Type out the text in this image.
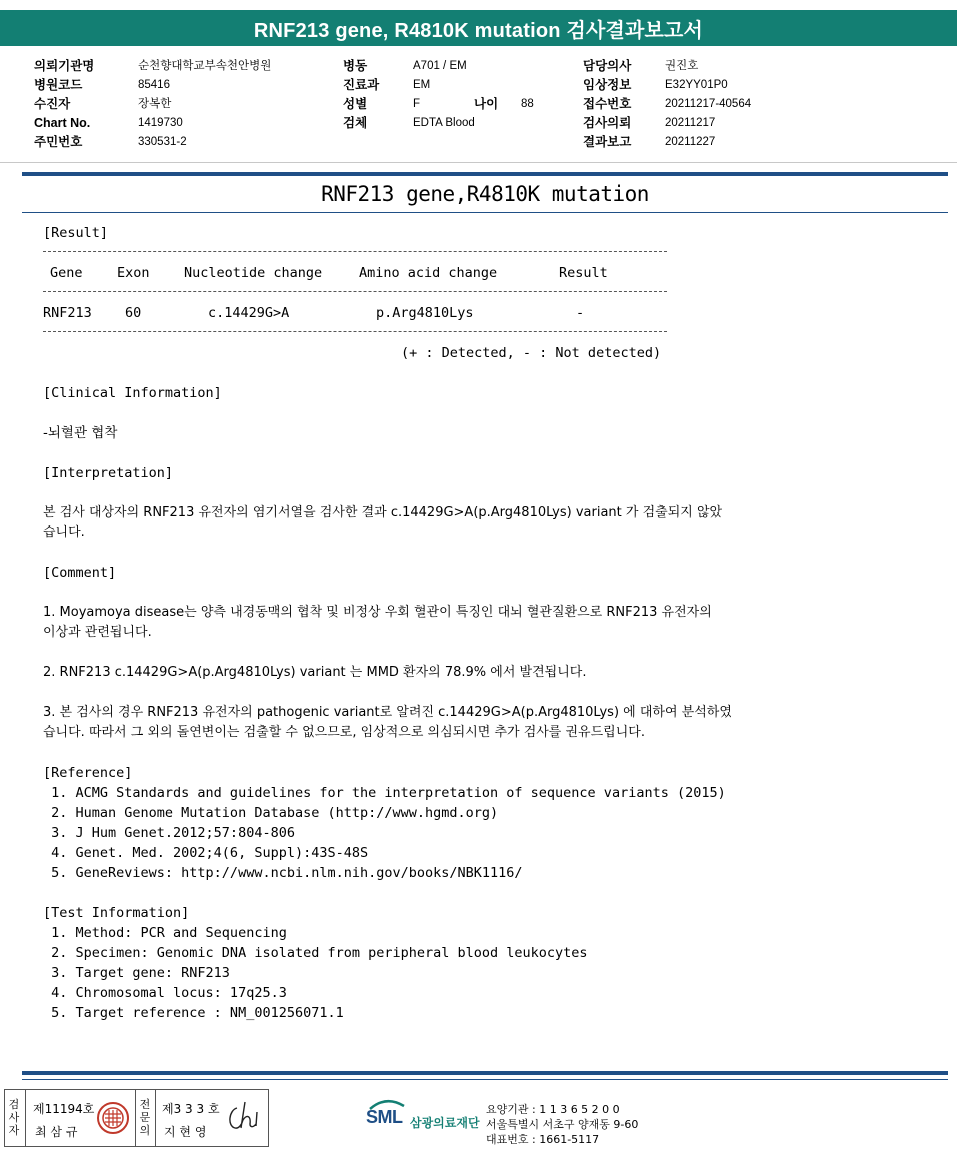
RNF213 gene, R4810K mutation 검사결과보고서
의뢰기관명	순천향대학교부속천안병원
병원코드	85416
수진자	장복한
Chart No.	1419730
주민번호	330531-2
병동	A701 / EM
진료과	EM
성별	F	나이	88
검체	EDTA Blood
담당의사	권진호
임상정보	E32YY01P0
접수번호	20211217-40564
검사의뢰	20211217
결과보고	20211227
RNF213 gene,R4810K mutation
[Result]
Gene	Exon	Nucleotide change	Amino acid change	Result
RNF213 60	c.14429G>A	p.Arg4810Lys	-
(+ : Detected, - : Not detected)
[Clinical Information]
-뇌혈관 협착
[Interpretation]
본 검사 대상자의 RNF213 유전자의 염기서열을 검사한 결과 c.14429G>A(p.Arg4810Lys) variant 가 검출되지 않았
습니다.
[Comment]
1. Moyamoya disease는 양측 내경동맥의 협착 및 비정상 우회 혈관이 특징인 대뇌 혈관질환으로 RNF213 유전자의
이상과 관련됩니다.
2. RNF213 c.14429G>A(p.Arg4810Lys) variant 는 MMD 환자의 78.9% 에서 발견됩니다.
3. 본 검사의 경우 RNF213 유전자의 pathogenic variant로 알려진 c.14429G>A(p.Arg4810Lys) 에 대하여 분석하였
습니다. 따라서 그 외의 돌연변이는 검출할 수 없으므로, 임상적으로 의심되시면 추가 검사를 권유드립니다.
[Reference]
1. ACMG Standards and guidelines for the interpretation of sequence variants (2015)
2. Human Genome Mutation Database (http://www.hgmd.org)
3. J Hum Genet.2012;57:804-806
4. Genet. Med. 2002;4(6, Suppl):43S-48S
5. GeneReviews: http://www.ncbi.nlm.nih.gov/books/NBK1116/
[Test Information]
1. Method: PCR and Sequencing
2. Specimen: Genomic DNA isolated from peripheral blood leukocytes
3. Target gene: RNF213
4. Chromosomal locus: 17q25.3
5. Target reference : NM_001256071.1
검사자
제11194호
최 삼 규
전문의
제3 3 3 호
지 현 영
SML 삼광의료재단
요양기관 : 1 1 3 6 5 2 0 0
서울특별시 서초구 양재동 9-60
대표번호 : 1661-5117
